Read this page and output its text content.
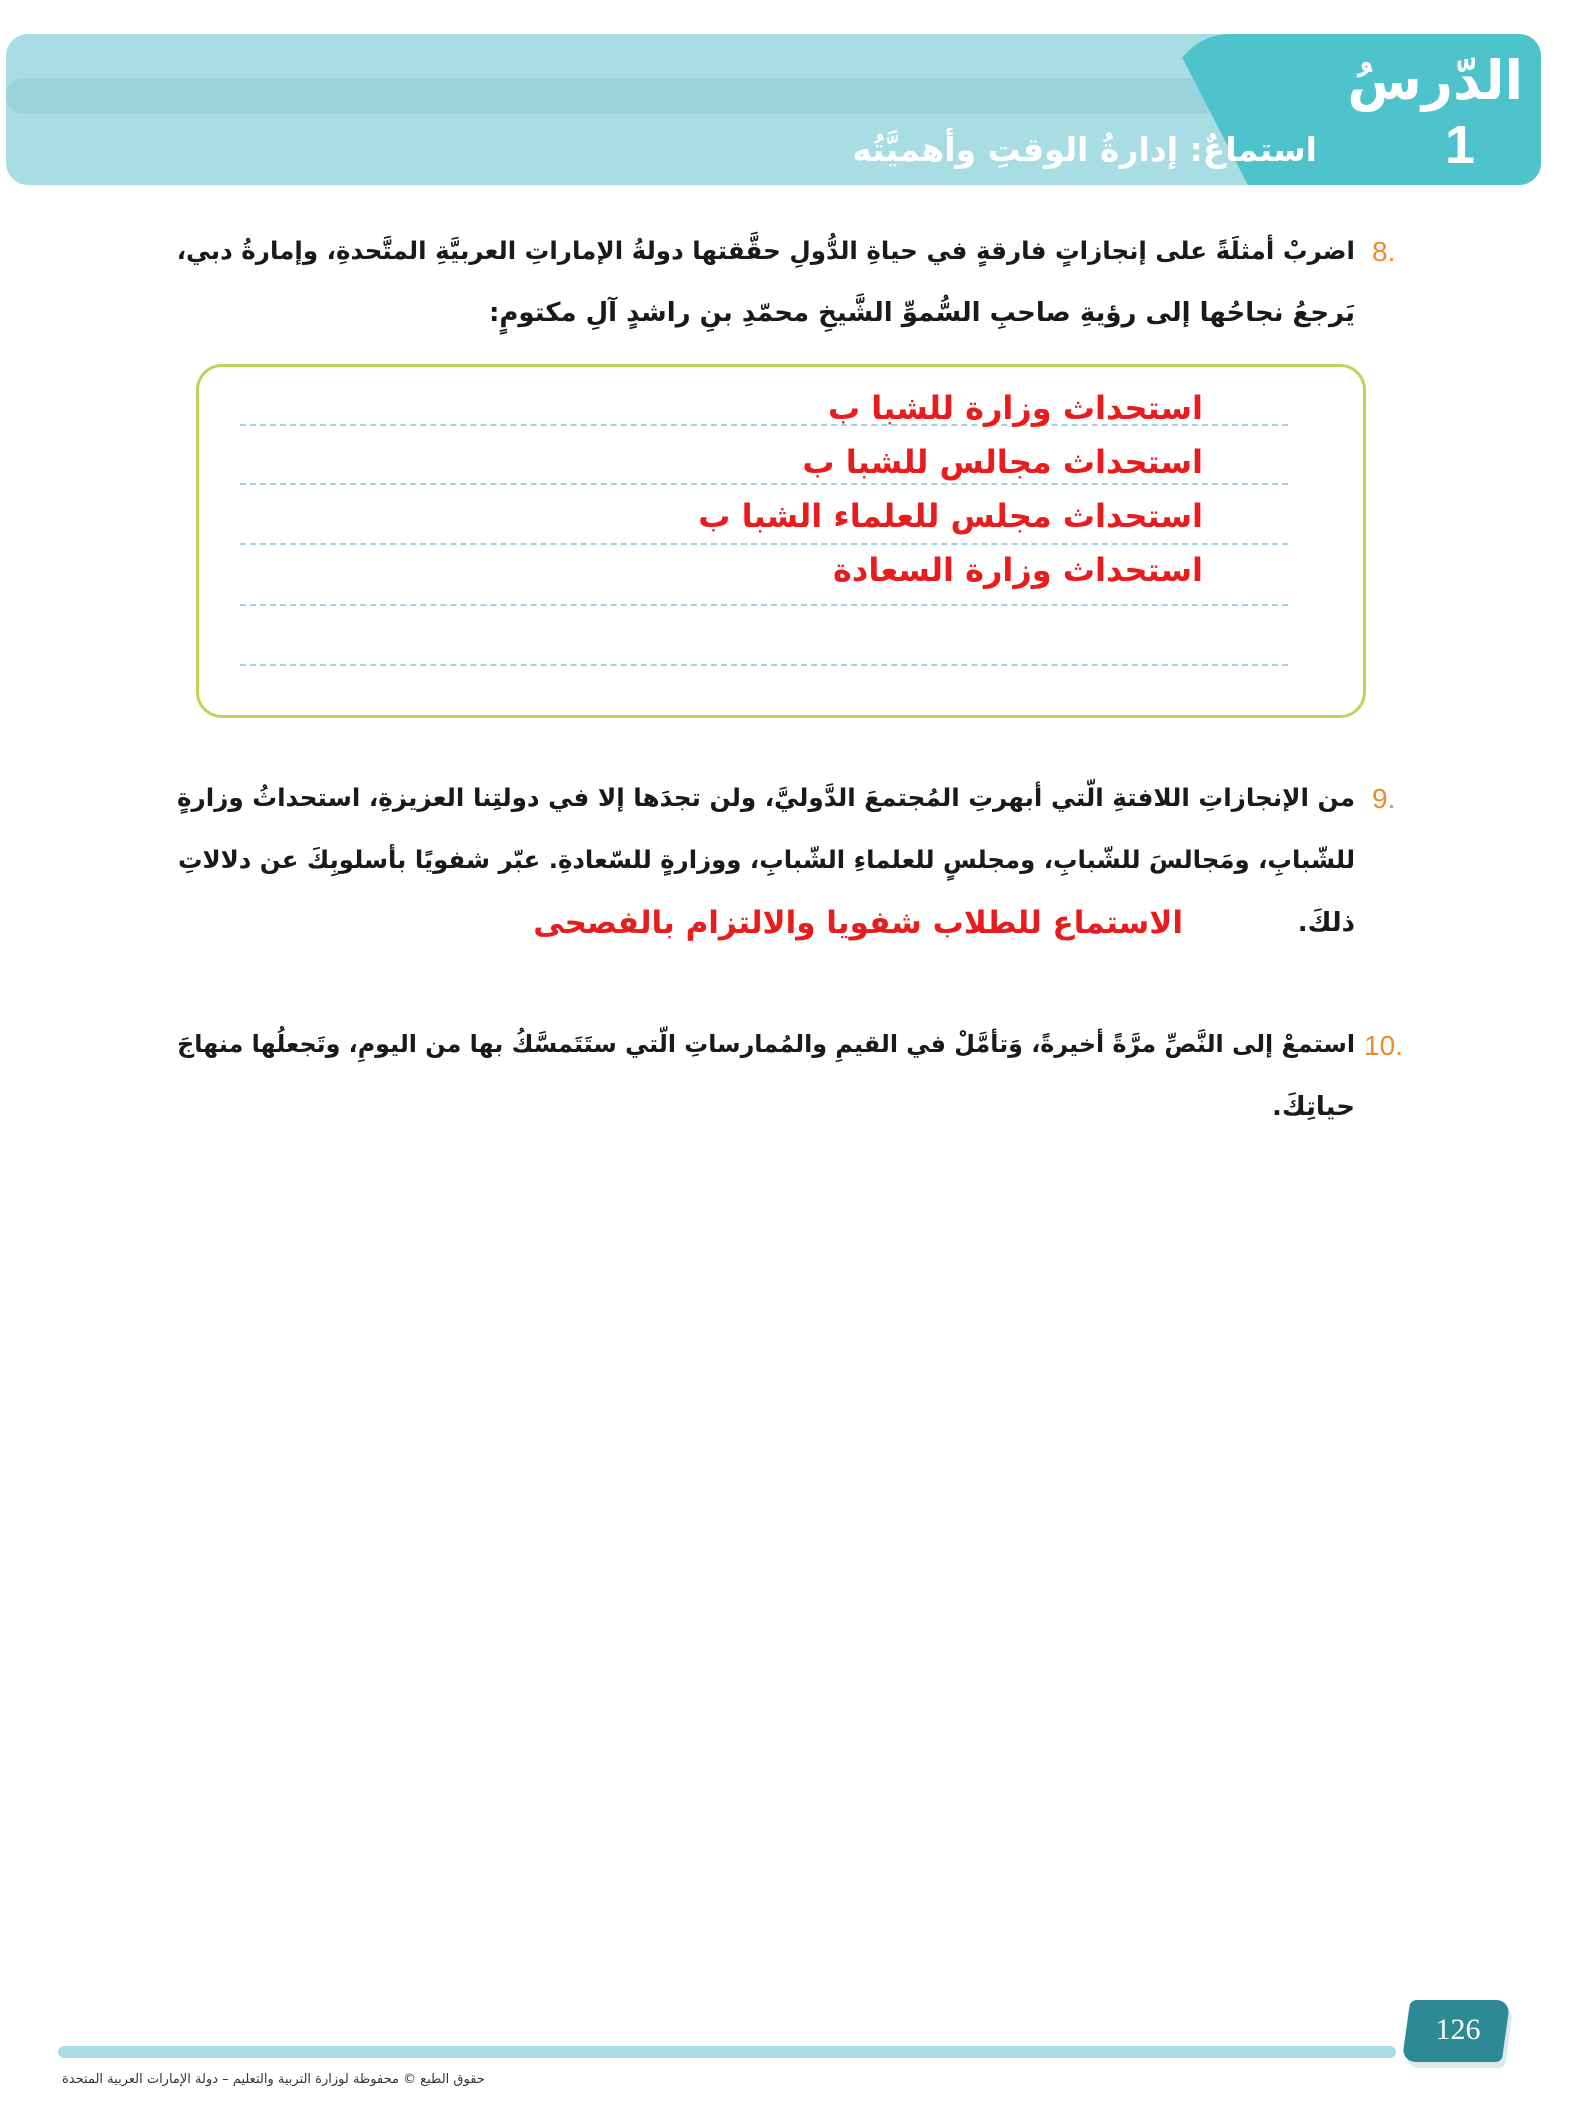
الدّرسُ
1
استماعٌ: إدارةُ الوقتِ وأهميَّتُه
8.
اضربْ أمثلَةً على إنجازاتٍ فارقةٍ في حياةِ الدُّولِ حقَّقتها دولةُ الإماراتِ العربيَّةِ المتَّحدةِ، وإمارةُ دبي،
يَرجعُ نجاحُها إلى رؤيةِ صاحبِ السُّموِّ الشَّيخِ محمّدِ بنِ راشدٍ آلِ مكتومٍ:
استحداث وزارة للشبا ب
استحداث مجالس للشبا ب
استحداث مجلس للعلماء الشبا ب
استحداث وزارة السعادة
9.
من الإنجازاتِ اللافتةِ الّتي أبهرتِ المُجتمعَ الدَّوليَّ، ولن تجدَها إلا في دولتِنا العزيزةِ، استحداثُ وزارةٍ
للشّبابِ، ومَجالسَ للشّبابِ، ومجلسٍ للعلماءِ الشّبابِ، ووزارةٍ للسّعادةِ. عبّر شفويًا بأسلوبِكَ عن دلالاتِ
ذلكَ.
الاستماع للطلاب شفويا والالتزام بالفصحى
10.
استمعْ إلى النَّصِّ مرَّةً أخيرةً، وَتأمَّلْ في القيمِ والمُمارساتِ الّتي ستَتَمسَّكُ بها من اليومِ، وتَجعلُها منهاجَ
حياتِكَ.
126
حقوق الطبع © محفوظة لوزارة التربية والتعليم – دولة الإمارات العربية المتحدة
